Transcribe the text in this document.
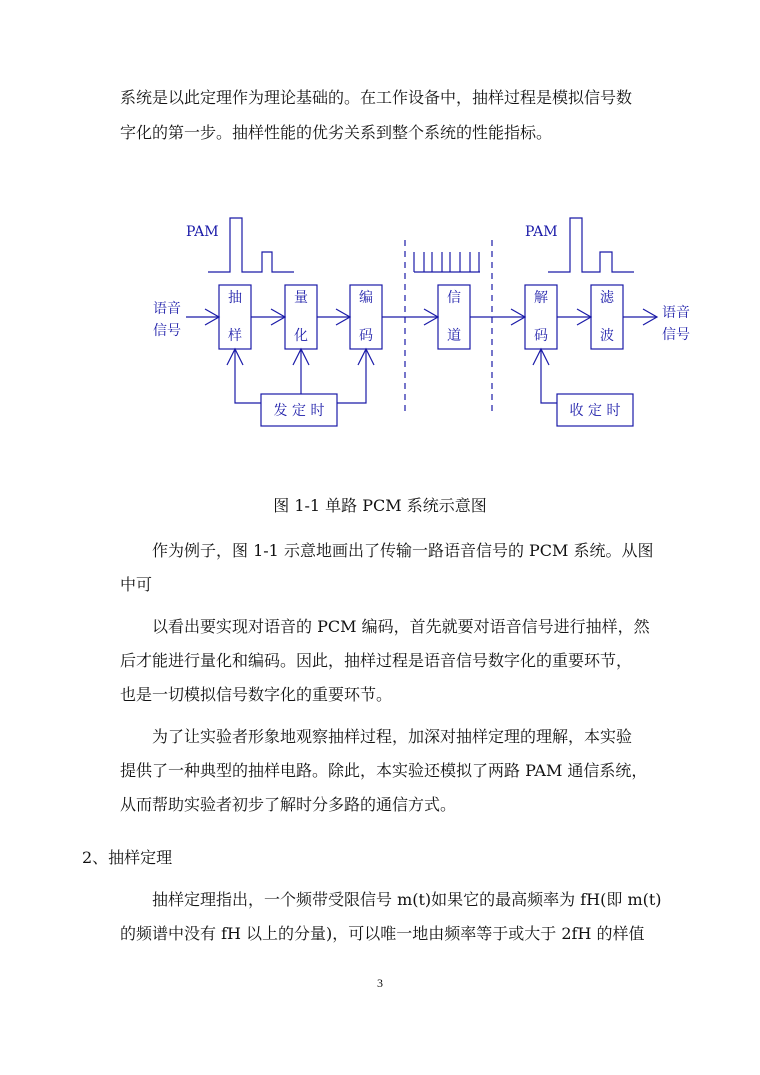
系统是以此定理作为理论基础的。在工作设备中，抽样过程是模拟信号数
字化的第一步。抽样性能的优劣关系到整个系统的性能指标。
PAM	PAM
语音
信号
语音
信号
抽
样
量
化
编
码
信
道
解
码
滤
波
发 定 时	收 定 时
图 1-1 单路 PCM 系统示意图
作为例子，图 1-1 示意地画出了传输一路语音信号的 PCM 系统。从图
中可
以看出要实现对语音的 PCM 编码，首先就要对语音信号进行抽样，然
后才能进行量化和编码。因此，抽样过程是语音信号数字化的重要环节，
也是一切模拟信号数字化的重要环节。
为了让实验者形象地观察抽样过程，加深对抽样定理的理解，本实验
提供了一种典型的抽样电路。除此，本实验还模拟了两路 PAM 通信系统，
从而帮助实验者初步了解时分多路的通信方式。
2、抽样定理
抽样定理指出，一个频带受限信号 m(t)如果它的最高频率为 fH(即 m(t)
的频谱中没有 fH 以上的分量)，可以唯一地由频率等于或大于 2fH 的样值
3
